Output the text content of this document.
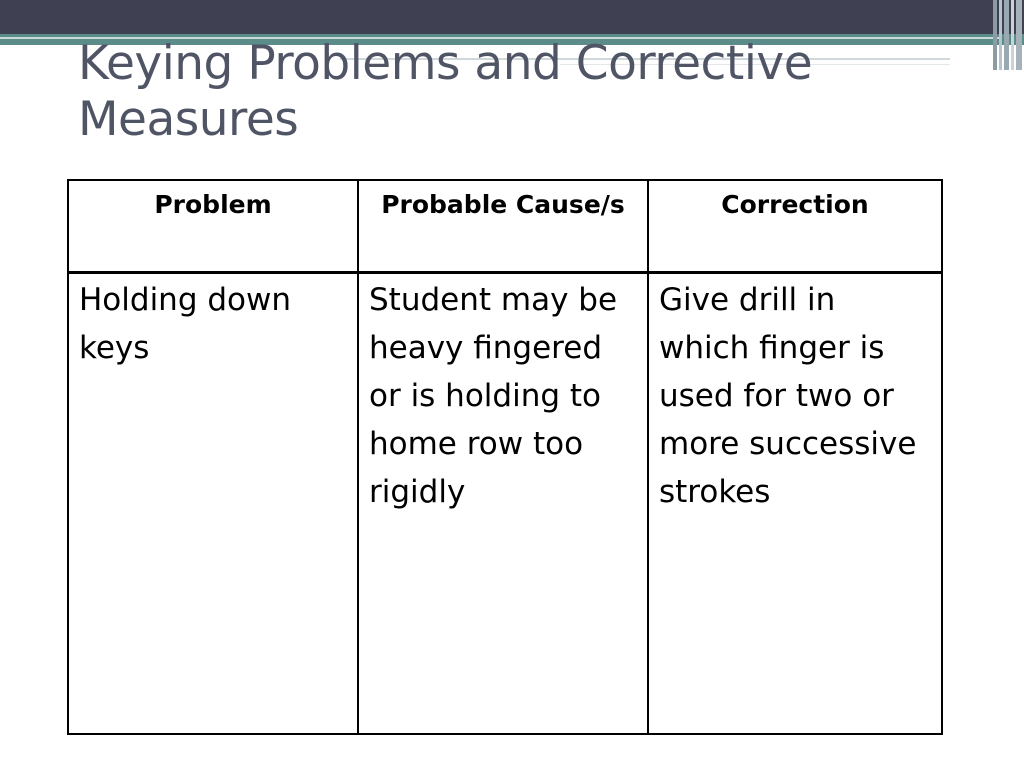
Keying Problems and Corrective Measures
Problem	Probable Cause/s	Correction
Holding down keys	Student may be heavy fingered or is holding to home row too rigidly	Give drill in which finger is used for two or more successive strokes
